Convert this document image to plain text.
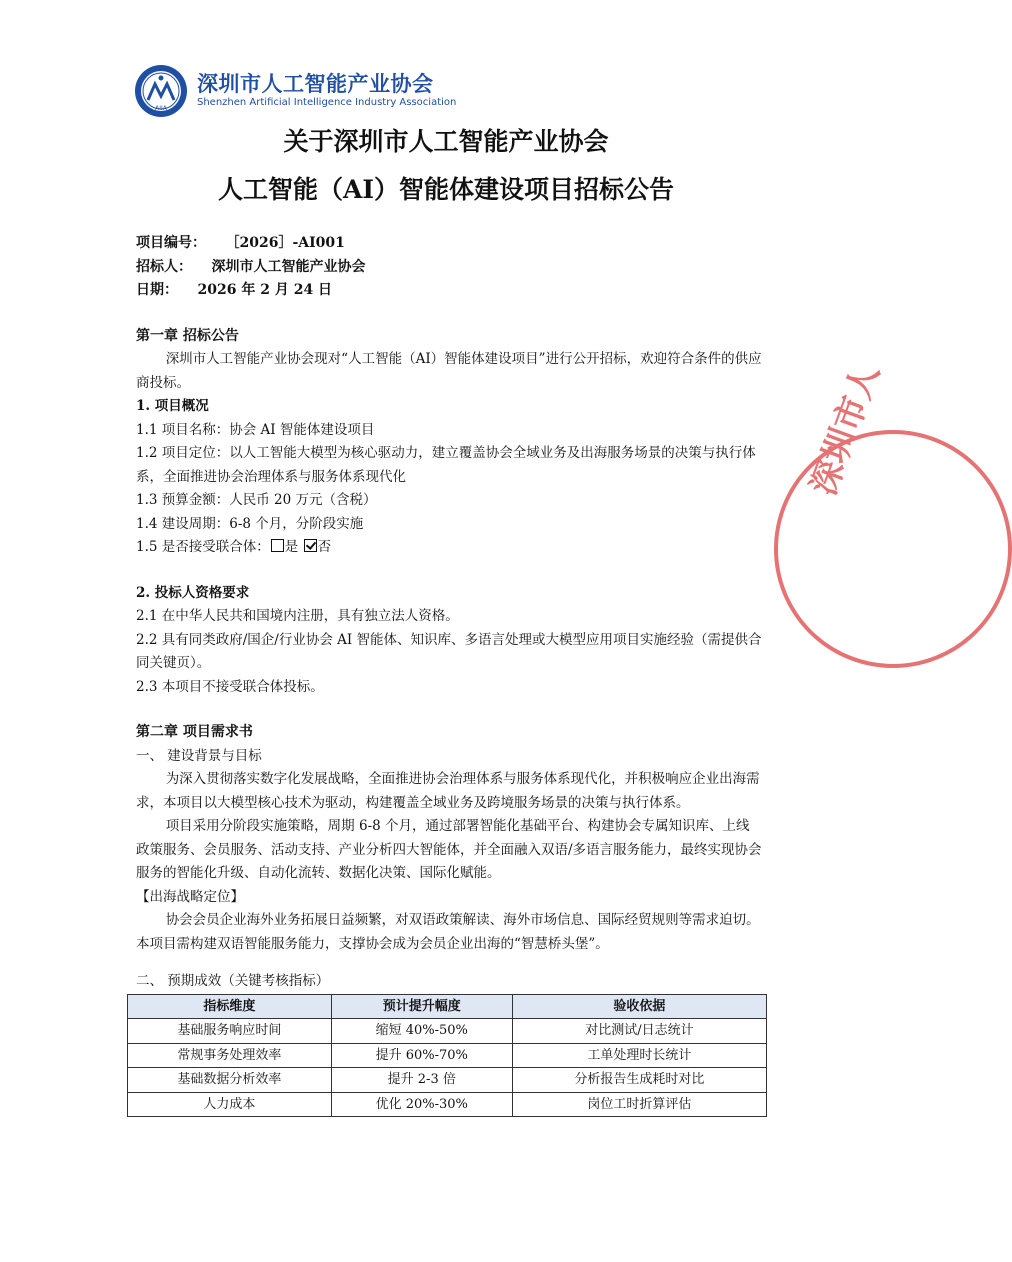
AIIA
深圳市人工智能产业协会
Shenzhen Artificial Intelligence Industry Association
关于深圳市人工智能产业协会
人工智能（AI）智能体建设项目招标公告

项目编号： ［2026］-AI001

招标人： 深圳市人工智能产业协会

日期： 2026 年 2 月 24 日

第一章 招标公告

深圳市人工智能产业协会现对“人工智能（AI）智能体建设项目”进行公开招标，欢迎符合条件的供应商投标。

1. 项目概况

1.1 项目名称：协会 AI 智能体建设项目

1.2 项目定位：以人工智能大模型为核心驱动力，建立覆盖协会全域业务及出海服务场景的决策与执行体系，全面推进协会治理体系与服务体系现代化

1.3 预算金额：人民币 20 万元（含税）

1.4 建设周期：6-8 个月，分阶段实施

1.5 是否接受联合体： 是 否

2. 投标人资格要求

2.1 在中华人民共和国境内注册，具有独立法人资格。

2.2 具有同类政府/国企/行业协会 AI 智能体、知识库、多语言处理或大模型应用项目实施经验（需提供合同关键页）。

2.3 本项目不接受联合体投标。

第二章 项目需求书

一、 建设背景与目标

为深入贯彻落实数字化发展战略，全面推进协会治理体系与服务体系现代化，并积极响应企业出海需求，本项目以大模型核心技术为驱动，构建覆盖全域业务及跨境服务场景的决策与执行体系。

项目采用分阶段实施策略，周期 6-8 个月，通过部署智能化基础平台、构建协会专属知识库、上线政策服务、会员服务、活动支持、产业分析四大智能体，并全面融入双语/多语言服务能力，最终实现协会服务的智能化升级、自动化流转、数据化决策、国际化赋能。

【出海战略定位】

协会会员企业海外业务拓展日益频繁，对双语政策解读、海外市场信息、国际经贸规则等需求迫切。本项目需构建双语智能服务能力，支撑协会成为会员企业出海的“智慧桥头堡”。

二、 预期成效（关键考核指标）

指标维度	预计提升幅度	验收依据
基础服务响应时间	缩短 40%-50%	对比测试/日志统计
常规事务处理效率	提升 60%-70%	工单处理时长统计
基础数据分析效率	提升 2-3 倍	分析报告生成耗时对比
人力成本	优化 20%-30%	岗位工时折算评估
深圳市人
